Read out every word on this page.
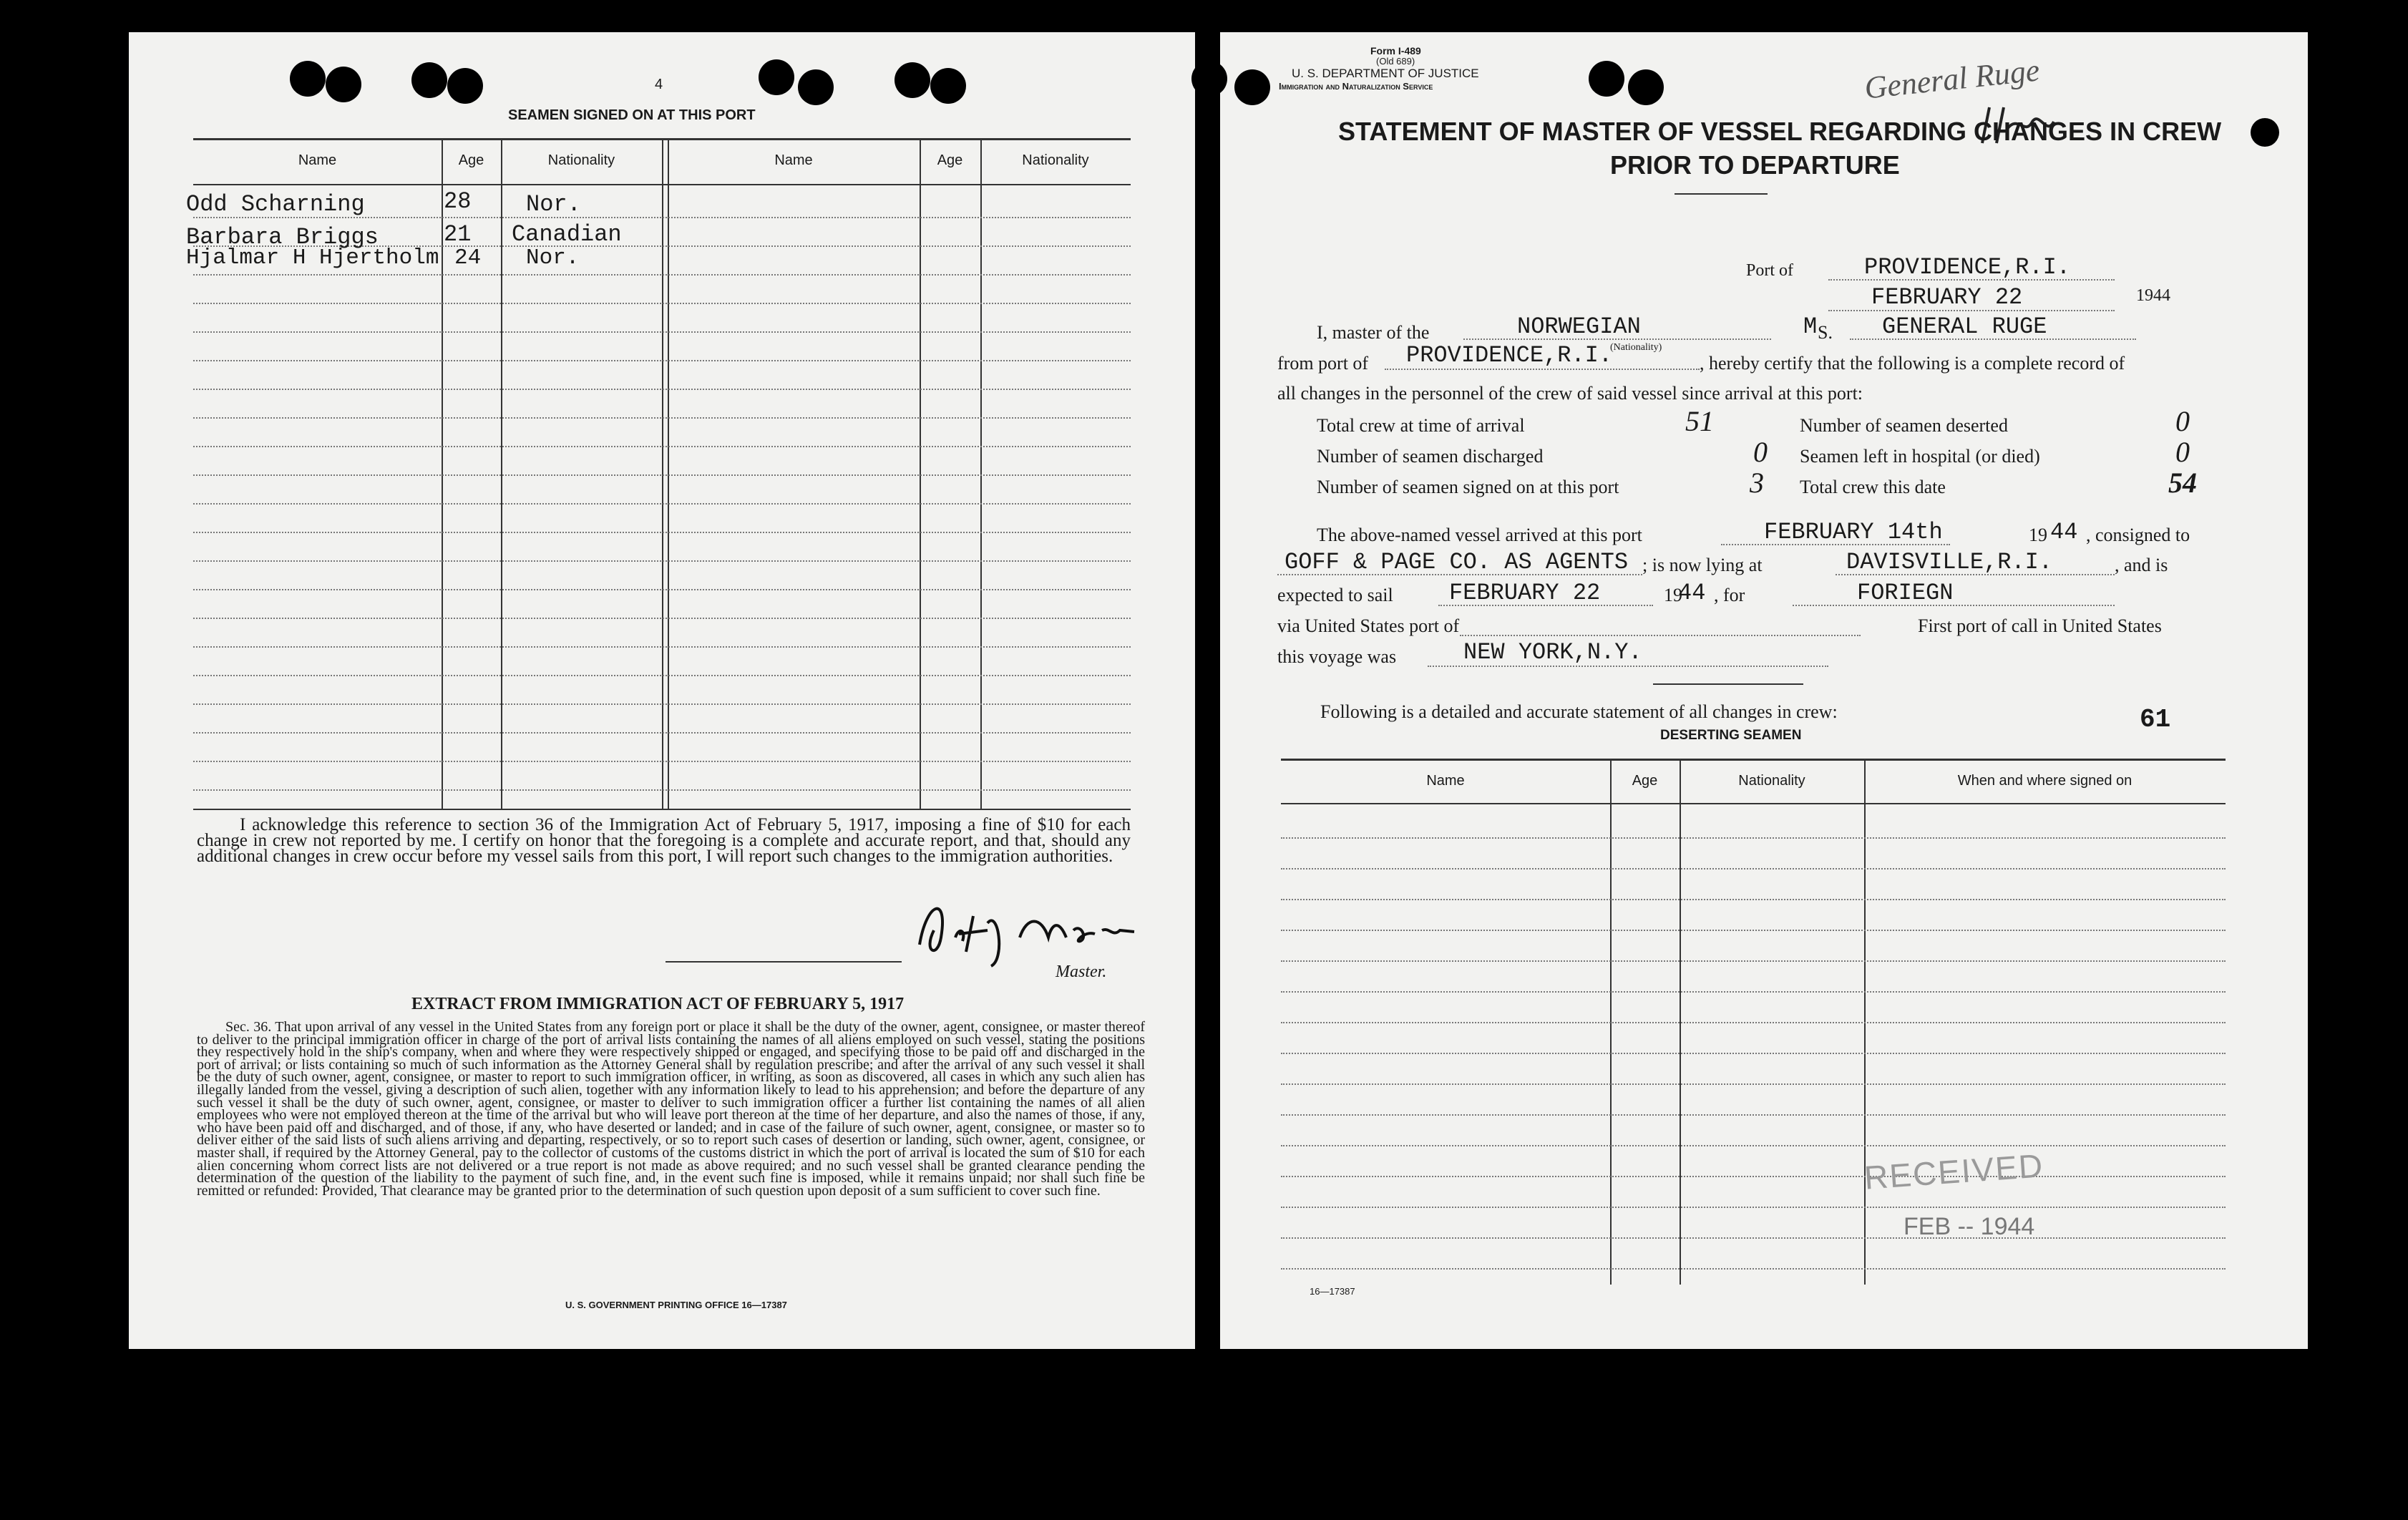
4
SEAMEN SIGNED ON AT THIS PORT
Name	Age	Nationality	Name	Age	Nationality
Odd Scharning	28 Nor.
Barbara Briggs	21 Canadian
Hjalmar H Hjertholm 24 Nor.
I acknowledge this reference to section 36 of the Immigration Act of February 5, 1917, imposing a fine of $10 for each change in crew not reported by me. I certify on honor that the foregoing is a complete and accurate report, and that, should any additional changes in crew occur before my vessel sails from this port, I will report such changes to the immigration authorities.
Master.
EXTRACT FROM IMMIGRATION ACT OF FEBRUARY 5, 1917
Sec. 36. That upon arrival of any vessel in the United States from any foreign port or place it shall be the duty of the owner, agent, consignee, or master thereof to deliver to the principal immigration officer in charge of the port of arrival lists containing the names of all aliens employed on such vessel, stating the positions they respectively hold in the ship's company, when and where they were respectively shipped or engaged, and specifying those to be paid off and discharged in the port of arrival; or lists containing so much of such information as the Attorney General shall by regulation prescribe; and after the arrival of any such vessel it shall be the duty of such owner, agent, consignee, or master to report to such immigration officer, in writing, as soon as discovered, all cases in which any such alien has illegally landed from the vessel, giving a description of such alien, together with any information likely to lead to his apprehension; and before the departure of any such vessel it shall be the duty of such owner, agent, consignee, or master to deliver to such immigration officer a further list containing the names of all alien employees who were not employed thereon at the time of the arrival but who will leave port thereon at the time of her departure, and also the names of those, if any, who have been paid off and discharged, and of those, if any, who have deserted or landed; and in case of the failure of such owner, agent, consignee, or master so to deliver either of the said lists of such aliens arriving and departing, respectively, or so to report such cases of desertion or landing, such owner, agent, consignee, or master shall, if required by the Attorney General, pay to the collector of customs of the customs district in which the port of arrival is located the sum of $10 for each alien concerning whom correct lists are not delivered or a true report is not made as above required; and no such vessel shall be granted clearance pending the determination of the question of the liability to the payment of such fine, and, in the event such fine is imposed, while it remains unpaid; nor shall such fine be remitted or refunded: Provided, That clearance may be granted prior to the determination of such question upon deposit of a sum sufficient to cover such fine.
U. S. GOVERNMENT PRINTING OFFICE 16—17387
Form I-489
(Old 689)
U. S. DEPARTMENT OF JUSTICE
Immigration and Naturalization Service	General Ruge
STATEMENT OF MASTER OF VESSEL REGARDING CHANGES IN CREW
PRIOR TO DEPARTURE
Port of	PROVIDENCE,R.I.
FEBRUARY 22	1944
I, master of the	NORWEGIAN	M S. GENERAL RUGE
from port of PROVIDENCE,R.I.
(Nationality)
, hereby certify that the following is a complete record of
all changes in the personnel of the crew of said vessel since arrival at this port:
Total crew at time of arrival	51
Number of seamen discharged	0
Number of seamen signed on at this port	3
Number of seamen deserted	0
Seamen left in hospital (or died)	0
Total crew this date	54
The above-named vessel arrived at this port	FEBRUARY 14th	19 44 , consigned to
GOFF & PAGE CO. AS AGENTS ; is now lying at	DAVISVILLE,R.I.	, and is
expected to sail FEBRUARY 22	19
44 , for	FORIEGN
via United States port of	First port of call in United States
this voyage was	NEW YORK,N.Y.
Following is a detailed and accurate statement of all changes in crew:	61
DESERTING SEAMEN
Name	Age	Nationality	When and where signed on
RECEIVED
FEB -- 1944
16—17387
